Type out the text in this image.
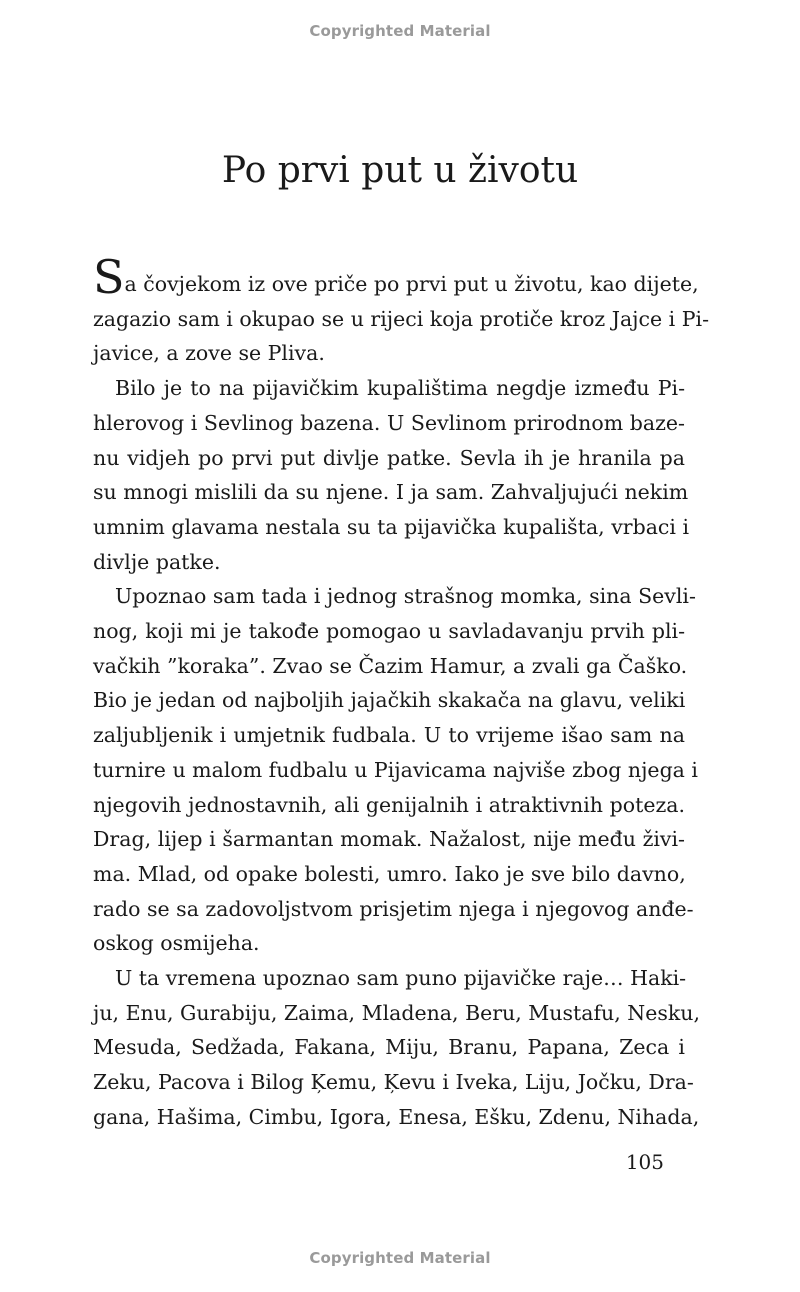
Copyrighted Material
Po prvi put u životu
Sa čovjekom iz ove priče po prvi put u životu, kao dijete,
zagazio sam i okupao se u rijeci koja protiče kroz Jajce i Pi-
javice, a zove se Pliva.
Bilo je to na pijavičkim kupalištima negdje između Pi-
hlerovog i Sevlinog bazena. U Sevlinom prirodnom baze-
nu vidjeh po prvi put divlje patke. Sevla ih je hranila pa
su mnogi mislili da su njene. I ja sam. Zahvaljujući nekim
umnim glavama nestala su ta pijavička kupališta, vrbaci i
divlje patke.
Upoznao sam tada i jednog strašnog momka, sina Sevli-
nog, koji mi je takođe pomogao u savladavanju prvih pli-
vačkih ”koraka”. Zvao se Čazim Hamur, a zvali ga Čaško.
Bio je jedan od najboljih jajačkih skakača na glavu, veliki
zaljubljenik i umjetnik fudbala. U to vrijeme išao sam na
turnire u malom fudbalu u Pijavicama najviše zbog njega i
njegovih jednostavnih, ali genijalnih i atraktivnih poteza.
Drag, lijep i šarmantan momak. Nažalost, nije među živi-
ma. Mlad, od opake bolesti, umro. Iako je sve bilo davno,
rado se sa zadovoljstvom prisjetim njega i njegovog anđe-
oskog osmijeha.
U ta vremena upoznao sam puno pijavičke raje… Haki-
ju, Enu, Gurabiju, Zaima, Mladena, Beru, Mustafu, Nesku,
Mesuda, Sedžada, Fakana, Miju, Branu, Papana, Zeca i
Zeku, Pacova i Bilog Ķemu, Ķevu i Iveka, Liju, Jočku, Dra-
gana, Hašima, Cimbu, Igora, Enesa, Ešku, Zdenu, Nihada,
105
Copyrighted Material
